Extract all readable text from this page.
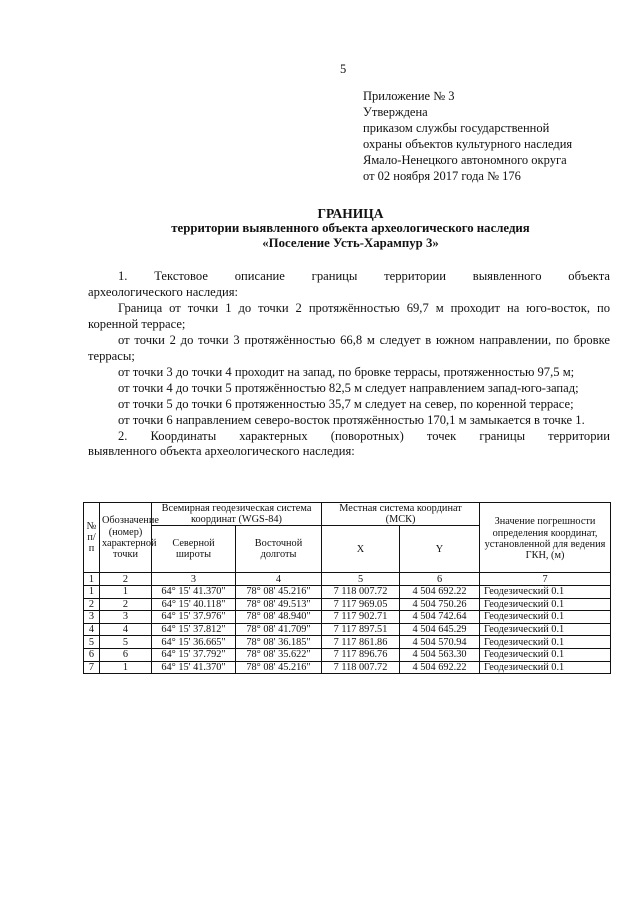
5
Приложение № 3
Утверждена
приказом службы государственной
охраны объектов культурного наследия
Ямало-Ненецкого автономного округа
от 02 ноября 2017 года № 176
ГРАНИЦА
территории выявленного объекта археологического наследия
«Поселение Усть-Харампур 3»

1.    Текстовое    описание    границы    территории    выявленного    объекта

археологического наследия:

Граница от точки 1 до точки 2 протяжённостью 69,7 м проходит на юго-восток, по коренной террасе;

от точки 2 до точки 3 протяжённостью 66,8 м следует в южном направлении, по бровке террасы;

от точки 3 до точки 4 проходит на запад, по бровке террасы, протяженностью 97,5 м;

от точки 4 до точки 5 протяжённостью 82,5 м следует направлением запад-юго-запад;

от точки 5 до точки 6 протяженностью 35,7 м следует на север, по коренной террасе;

от точки 6 направлением северо-восток протяжённостью 170,1 м замыкается в точке 1.

2.   Координаты   характерных   (поворотных)   точек   границы   территории

выявленного объекта археологического наследия:

№ п/п	Обозначение (номер) характерной точки	Всемирная геодезическая система координат (WGS-84)		Местная система координат (МСК)		Значение погрешности определения координат, установленной для ведения ГКН, (м)
		Северной широты	Восточной долготы	X	Y	
1	2	3	4	5	6	7
1	1	64° 15' 41.370"	78° 08' 45.216"	7 118 007.72	4 504 692.22	Геодезический 0.1
2	2	64° 15' 40.118"	78° 08' 49.513"	7 117 969.05	4 504 750.26	Геодезический 0.1
3	3	64° 15' 37.976"	78° 08' 48.940"	7 117 902.71	4 504 742.64	Геодезический 0.1
4	4	64° 15' 37.812"	78° 08' 41.709"	7 117 897.51	4 504 645.29	Геодезический 0.1
5	5	64° 15' 36.665"	78° 08' 36.185"	7 117 861.86	4 504 570.94	Геодезический 0.1
6	6	64° 15' 37.792"	78° 08' 35.622"	7 117 896.76	4 504 563.30	Геодезический 0.1
7	1	64° 15' 41.370"	78° 08' 45.216"	7 118 007.72	4 504 692.22	Геодезический 0.1
